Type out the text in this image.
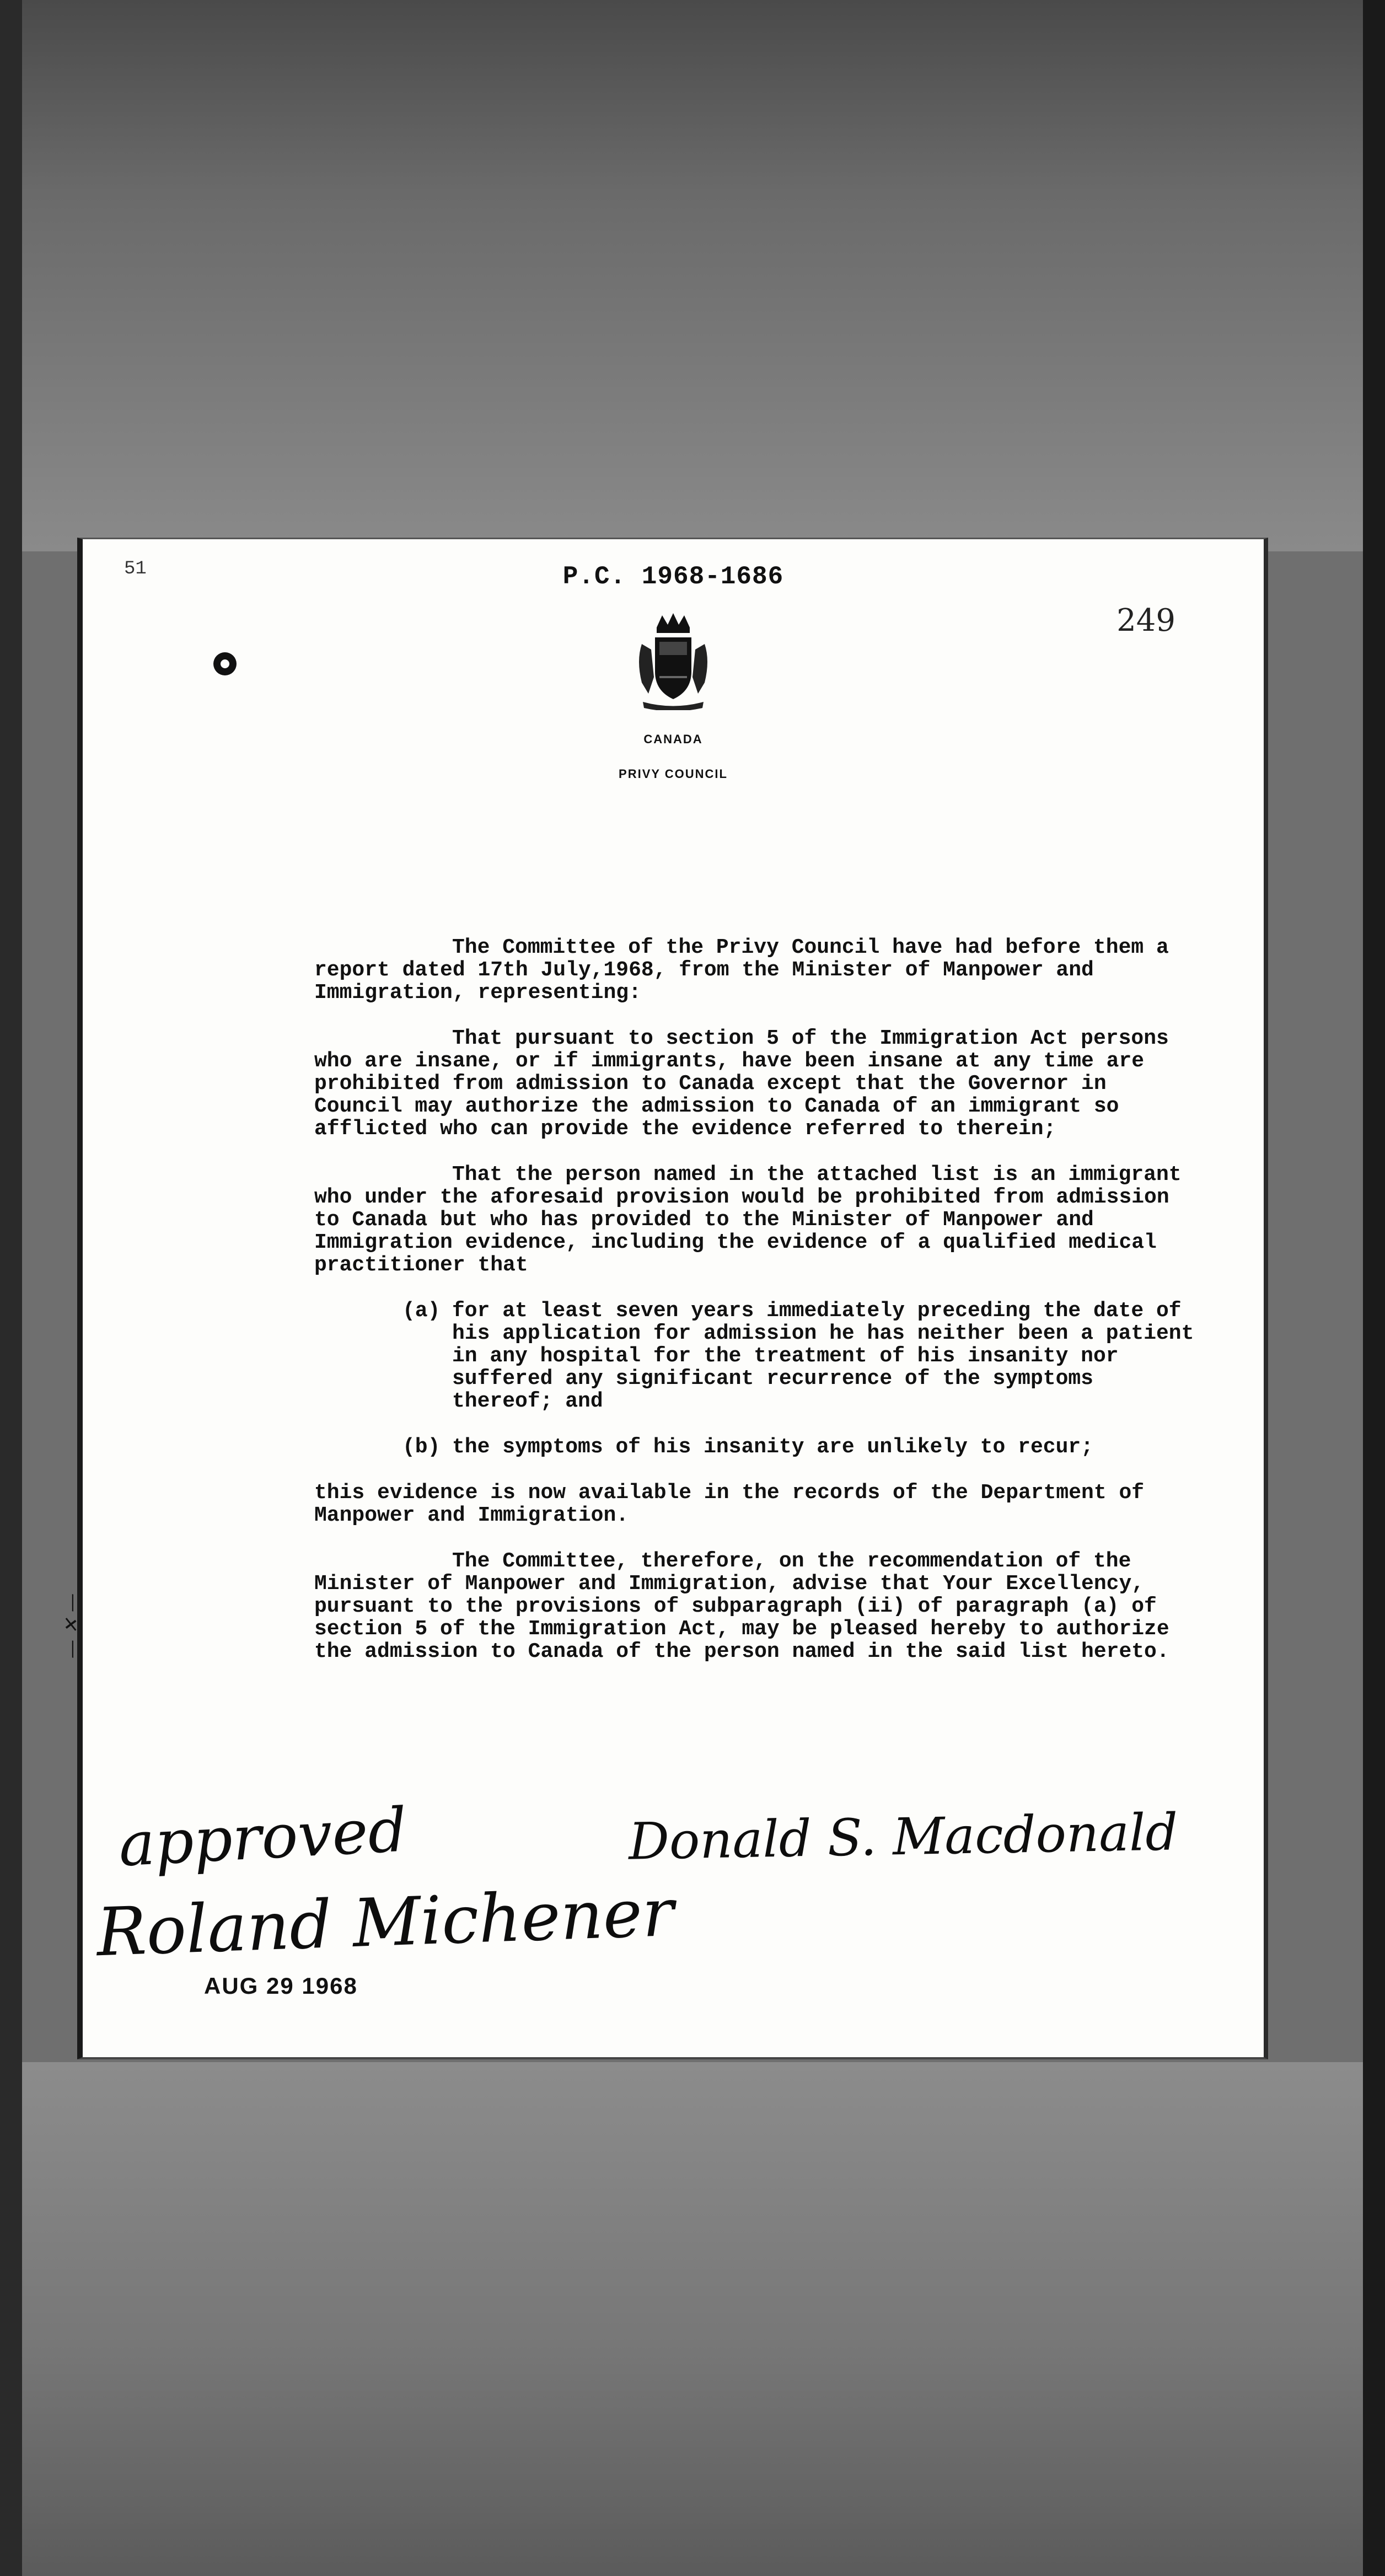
51	P.C. 1968-1686
249
CANADA
PRIVY COUNCIL
— ✕ —

The Committee of the Privy Council have had before them a report dated 17th July,1968, from the Minister of Manpower and Immigration, representing:

That pursuant to section 5 of the Immigration Act persons who are insane, or if immigrants, have been insane at any time are prohibited from admission to Canada except that the Governor in Council may authorize the admission to Canada of an immigrant so afflicted who can provide the evidence referred to therein;

That the person named in the attached list is an immigrant who under the aforesaid provision would be prohibited from admission to Canada but who has provided to the Minister of Manpower and Immigration evidence, including the evidence of a qualified medical practitioner that

(a) for at least seven years immediately preceding the date of his application for admission he has neither been a patient in any hospital for the treatment of his insanity nor suffered any significant recurrence of the symptoms thereof; and
(b) the symptoms of his insanity are unlikely to recur;

this evidence is now available in the records of the Department of Manpower and Immigration.

The Committee, therefore, on the recommendation of the Minister of Manpower and Immigration, advise that Your Excellency, pursuant to the provisions of subparagraph (ii) of paragraph (a) of section 5 of the Immigration Act, may be pleased hereby to authorize the admission to Canada of the person named in the said list hereto.

approved
Roland Michener
Donald S. Macdonald
AUG 29 1968
